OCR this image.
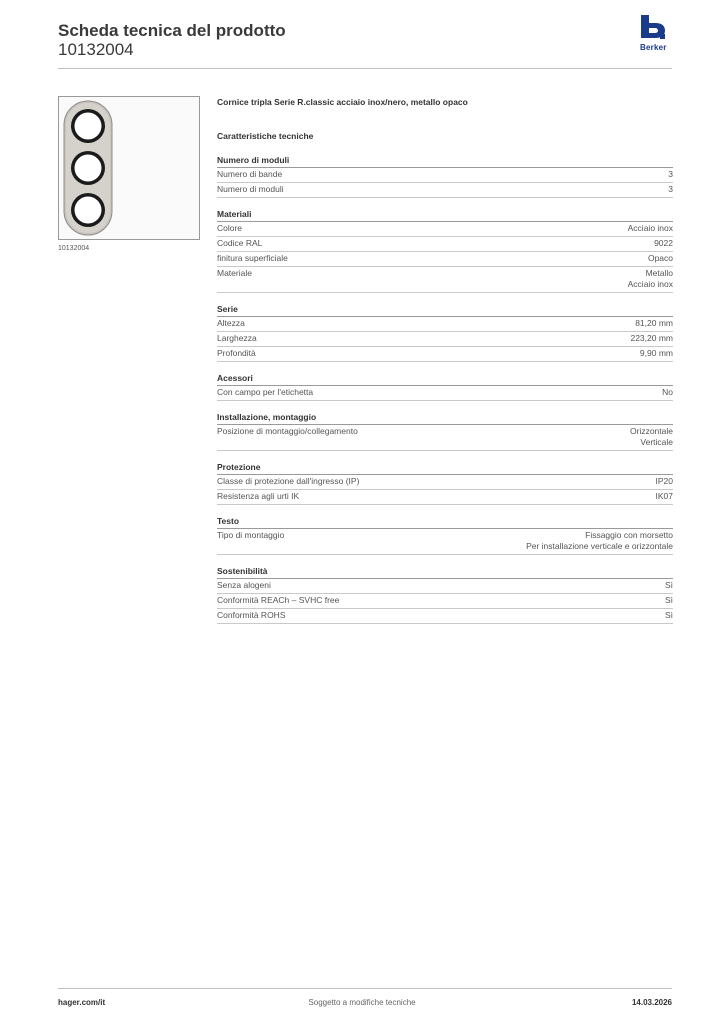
Scheda tecnica del prodotto
10132004	Berker
10132004
Cornice tripla Serie R.classic acciaio inox/nero, metallo opaco
Caratteristiche tecniche
Numero di moduli
Numero di bande	3
Numero di moduli	3
Materiali
Colore	Acciaio inox
Codice RAL	9022
finitura superficiale	Opaco
Materiale	Metallo
Acciaio inox
Serie
Altezza	81,20 mm
Larghezza	223,20 mm
Profondità	9,90 mm
Acessori
Con campo per l'etichetta	No
Installazione, montaggio
Posizione di montaggio/collegamento	Orizzontale
Verticale
Protezione
Classe di protezione dall'ingresso (IP)	IP20
Resistenza agli urti IK	IK07
Testo
Tipo di montaggio	Fissaggio con morsetto
Per installazione verticale e orizzontale
Sostenibilità
Senza alogeni	Sì
Conformità REACh – SVHC free	Sì
Conformità ROHS	Sì
hager.com/it	Soggetto a modifiche tecniche	14.03.2026
